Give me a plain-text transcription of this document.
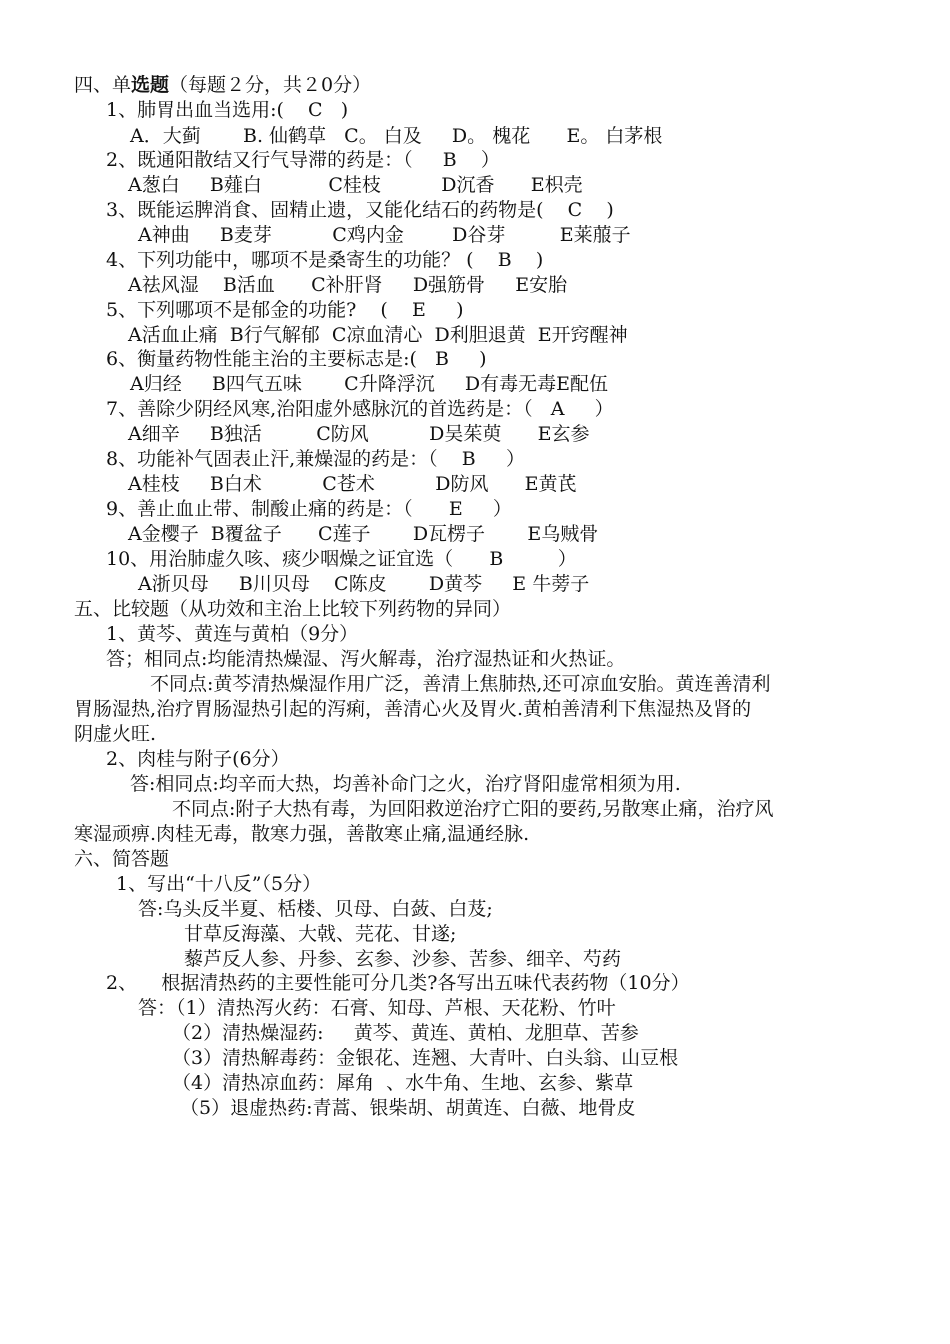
四、单选题（每题２分，共２0分）
1、肺胃出血当选用:(    C   )
A．大蓟       B. 仙鹤草   C。 白及     D。 槐花      E。 白茅根
2、既通阳散结又行气导滞的药是：（     B    ）
A葱白     B薤白           C桂枝          D沉香      E枳壳
3、既能运脾消食、固精止遗，又能化结石的药物是(    C    )
A神曲     B麦芽          C鸡内金        D谷芽         E莱菔子
4、下列功能中，哪项不是桑寄生的功能？ (    B    )
A祛风湿    B活血      C补肝肾     D强筋骨     E安胎
5、下列哪项不是郁金的功能?    (    E     )
A活血止痛  B行气解郁  C凉血清心  D利胆退黄  E开窍醒神
6、衡量药物性能主治的主要标志是:(   B     )
A归经     B四气五味       C升降浮沉     D有毒无毒E配伍
7、善除少阴经风寒,治阳虚外感脉沉的首选药是：（   A     ）
A细辛     B独活         C防风          D吴茱萸      E玄参
8、功能补气固表止汗,兼燥湿的药是：（    B     ）
A桂枝     B白术          C苍术          D防风      E黄芪
9、善止血止带、制酸止痛的药是：（      E     ）
A金樱子  B覆盆子      C莲子       D瓦楞子       E乌贼骨
10、用治肺虚久咳、痰少咽燥之证宜选（      B         ）
A浙贝母     B川贝母    C陈皮       D黄芩     E 牛蒡子
五、比较题（从功效和主治上比较下列药物的异同）
1、黄芩、黄连与黄柏（9分）
答；相同点:均能清热燥湿、泻火解毒，治疗湿热证和火热证。
不同点:黄芩清热燥湿作用广泛，善清上焦肺热,还可凉血安胎。黄连善清利
胃肠湿热,治疗胃肠湿热引起的泻痢，善清心火及胃火.黄柏善清利下焦湿热及肾的
阴虚火旺.
2、肉桂与附子(6分）
答:相同点:均辛而大热，均善补命门之火，治疗肾阳虚常相须为用.
不同点:附子大热有毒，为回阳救逆治疗亡阳的要药,另散寒止痛，治疗风
寒湿顽痹.肉桂无毒，散寒力强，善散寒止痛,温通经脉.
六、简答题
1、写出“十八反”（5分）
答:乌头反半夏、栝楼、贝母、白蔹、白芨;
甘草反海藻、大戟、芫花、甘遂;
藜芦反人参、丹参、玄参、沙参、苦参、细辛、芍药
2、    根据清热药的主要性能可分几类?各写出五味代表药物（10分）
答：（1）清热泻火药：石膏、知母、芦根、天花粉、竹叶
（2）清热燥湿药:     黄芩、黄连、黄柏、龙胆草、苦参
（3）清热解毒药：金银花、连翘、大青叶、白头翁、山豆根
（4）清热凉血药：犀角  、水牛角、生地、玄参、紫草
（5）退虚热药:青蒿、银柴胡、胡黄连、白薇、地骨皮
